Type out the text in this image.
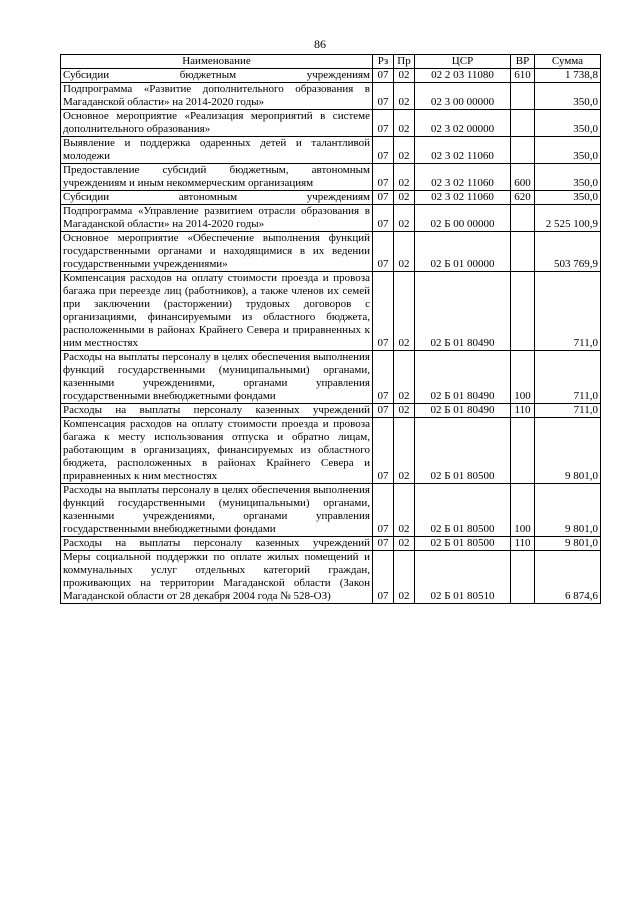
86
Наименование	Рз	Пр	ЦСР	ВР	Сумма
Субсидии бюджетным учреждениям	07	02	02 2 03 11080	610	1 738,8
Подпрограмма «Развитие дополнительного образования в Магаданской области» на 2014-2020 годы»	07	02	02 3 00 00000		350,0
Основное мероприятие «Реализация мероприятий в системе дополнительного образования»	07	02	02 3 02 00000		350,0
Выявление и поддержка одаренных детей и талантливой молодежи	07	02	02 3 02 11060		350,0
Предоставление субсидий бюджетным, автономным учреждениям и иным некоммерческим организациям	07	02	02 3 02 11060	600	350,0
Субсидии автономным учреждениям	07	02	02 3 02 11060	620	350,0
Подпрограмма «Управление развитием отрасли образования в Магаданской области» на 2014-2020 годы»	07	02	02 Б 00 00000		2 525 100,9
Основное мероприятие «Обеспечение выполнения функций государственными органами и находящимися в их ведении государственными учреждениями»	07	02	02 Б 01 00000		503 769,9
Компенсация расходов на оплату стоимости проезда и провоза багажа при переезде лиц (работников), а также членов их семей при заключении (расторжении) трудовых договоров с организациями, финансируемыми из областного бюджета, расположенными в районах Крайнего Севера и приравненных к ним местностях	07	02	02 Б 01 80490		711,0
Расходы на выплаты персоналу в целях обеспечения выполнения функций государственными (муниципальными) органами, казенными учреждениями, органами управления государственными внебюджетными фондами	07	02	02 Б 01 80490	100	711,0
Расходы на выплаты персоналу казенных учреждений	07	02	02 Б 01 80490	110	711,0
Компенсация расходов на оплату стоимости проезда и провоза багажа к месту использования отпуска и обратно лицам, работающим в организациях, финансируемых из областного бюджета, расположенных в районах Крайнего Севера и приравненных к ним местностях	07	02	02 Б 01 80500		9 801,0
Расходы на выплаты персоналу в целях обеспечения выполнения функций государственными (муниципальными) органами, казенными учреждениями, органами управления государственными внебюджетными фондами	07	02	02 Б 01 80500	100	9 801,0
Расходы на выплаты персоналу казенных учреждений	07	02	02 Б 01 80500	110	9 801,0
Меры социальной поддержки по оплате жилых помещений и коммунальных услуг отдельных категорий граждан, проживающих на территории Магаданской области (Закон Магаданской области от 28 декабря 2004 года № 528-ОЗ)	07	02	02 Б 01 80510		6 874,6
